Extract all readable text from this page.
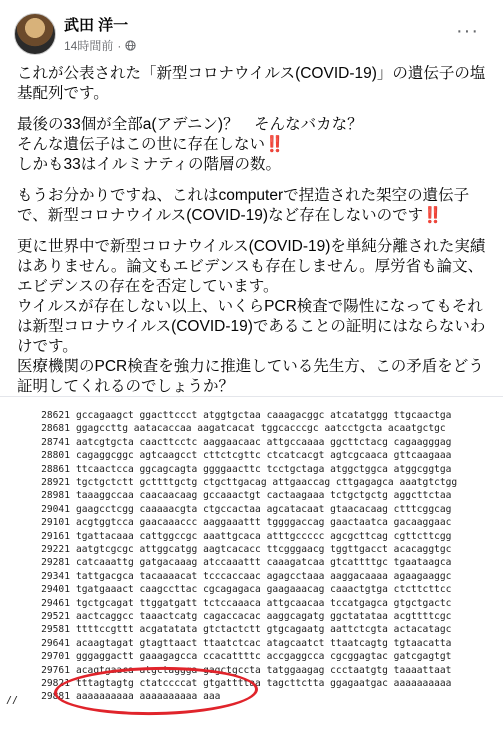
武田 洋一
14時間前 ·
···

これが公表された「新型コロナウイルス(COVID-19)」の遺伝子の塩基配列です。

最後の33個が全部a(アデニン)？　そんなバカな？
そんな遺伝子はこの世に存在しない‼️

しかも33はイルミナティの階層の数。

もうお分かりですね、これはcomputerで捏造された架空の遺伝子で、新型コロナウイルス(COVID-19)など存在しないのです‼️

更に世界中で新型コロナウイルス(COVID-19)を単純分離された実績はありません。論文もエビデンスも存在しません。厚労省も論文、エビデンスの存在を否定しています。
ウイルスが存在しない以上、いくらPCR検査で陽性になってもそれは新型コロナウイルス(COVID-19)であることの証明にはならないわけです。
医療機関のPCR検査を強力に推進している先生方、この矛盾をどう証明してくれるのでしょうか？

29881 aaaaaaaaaa aaaaaaaaaa aaa
29821 tttagtagtg ctatccccat gtgattttaa tagcttctta ggagaatgac aaaaaaaaaa
29761 acagtgaaca atgctagggа gagctgccta tatggaagag ccctaatgtg taaaattaat
29701 gggaggactt gaaagagcca ccacattttc accgaggcca cgcggagtac gatcgagtgt
29641 acaagtagat gtagttaact ttaatctcac atagcaatct ttaatcagtg tgtaacatta
29581 ttttccgttt acgatatata gtctactctt gtgcagaatg aattctcgta actacatagc
29521 aactcaggcc taaactcatg cagaccacac aaggcagatg ggctatataa acgttttcgc
29461 tgctgcagat ttggatgatt tctccaaaca attgcaacaa tccatgagca gtgctgactc
29401 tgatgaaact caagccttac cgcagagaca gaagaaacag caaactgtga ctcttcttcc
29341 tattgacgca tacaaaacat tcccaccaac agagcctaaa aaggacaaaa agaagaaggc
29281 catcaaattg gatgacaaag atccaaattt caaagatcaa gtcattttgc tgaataagca
29221 aatgtcgcgc attggcatgg aagtcacacc ttcgggaacg tggttgacct acacaggtgc
29161 tgattacaaa cattggccgc aaattgcaca atttgccccc agcgcttcag cgttcttcgg
29101 acgtggtcca gaacaaaccc aaggaaattt tggggaccag gaactaatca gacaaggaac
29041 gaagcctcgg caaaaacgta ctgccactaa agcatacaat gtaacacaag ctttcggcag
28981 taaaggccaa caacaacaag gccaaactgt cactaagaaa tctgctgctg aggcttctaa
28921 tgctgctctt gcttttgctg ctgcttgacag attgaaccag cttgagagca aaatgtctgg
28861 ttcaactcca ggcagcagta ggggaacttc tcctgctaga atggctggca atggcggtga
28801 cagaggcggc agtcaagcct cttctcgttc ctcatcacgt agtcgcaaca gttcaagaaa
28741 aatcgtgcta caacttcctc aaggaacaac attgccaaaa ggcttctacg cagaagggag
28681 ggagccttg aatacaccaa aagatcacat tggcacccgc aatcctgcta acaatgctgc
28621 gccagaagct ggacttccct atggtgctaa caaagacggc atcatatggg ttgcaactga
//
